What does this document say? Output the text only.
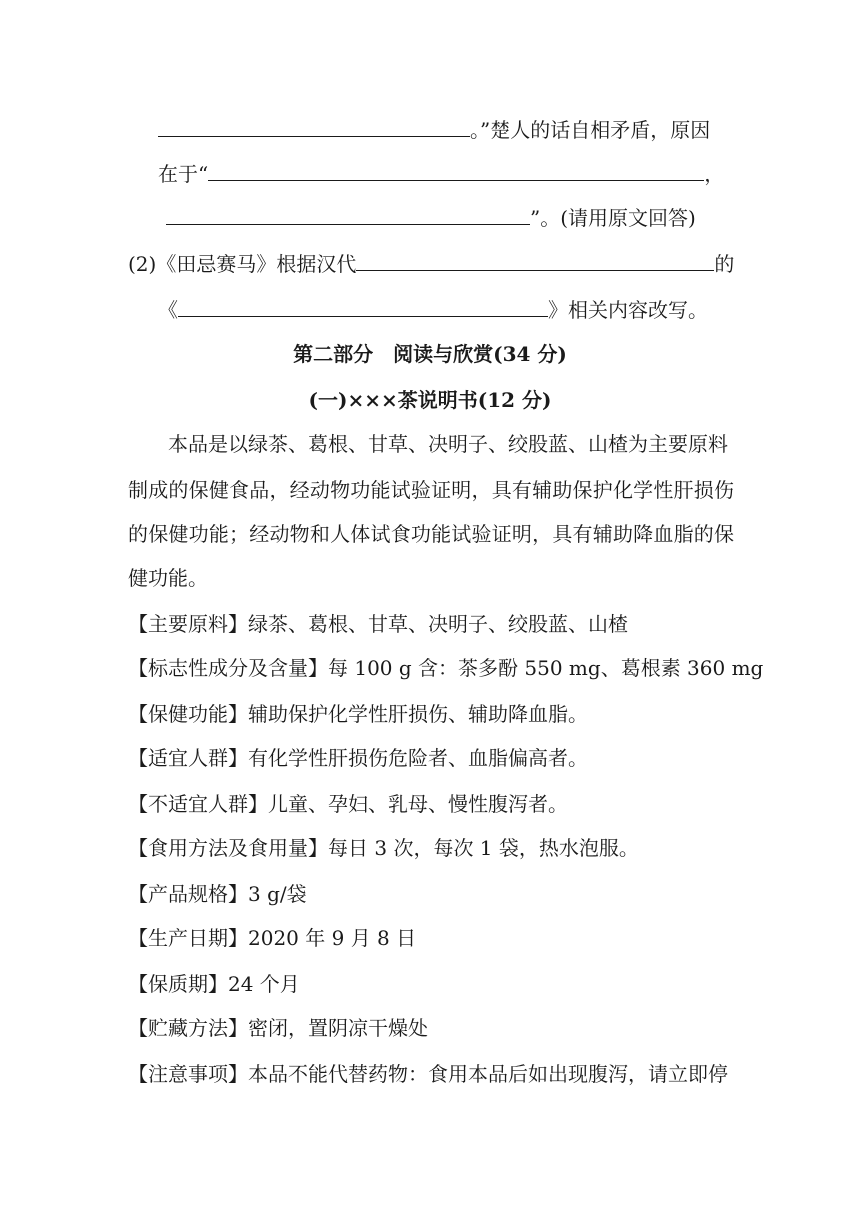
。”楚人的话自相矛盾，原因
在于“	，
”。(请用原文回答)
(2)《田忌赛马》根据汉代	的
《	》相关内容改写。
第二部分　阅读与欣赏(34 分)
(一)×××茶说明书(12 分)
本品是以绿茶、葛根、甘草、决明子、绞股蓝、山楂为主要原料
制成的保健食品，经动物功能试验证明，具有辅助保护化学性肝损伤
的保健功能；经动物和人体试食功能试验证明，具有辅助降血脂的保
健功能。
【主要原料】绿茶、葛根、甘草、决明子、绞股蓝、山楂
【标志性成分及含量】每 100 g 含：茶多酚 550 mg、葛根素 360 mg
【保健功能】辅助保护化学性肝损伤、辅助降血脂。
【适宜人群】有化学性肝损伤危险者、血脂偏高者。
【不适宜人群】儿童、孕妇、乳母、慢性腹泻者。
【食用方法及食用量】每日 3 次，每次 1 袋，热水泡服。
【产品规格】3 g/袋
【生产日期】2020 年 9 月 8 日
【保质期】24 个月
【贮藏方法】密闭，置阴凉干燥处
【注意事项】本品不能代替药物：食用本品后如出现腹泻，请立即停
